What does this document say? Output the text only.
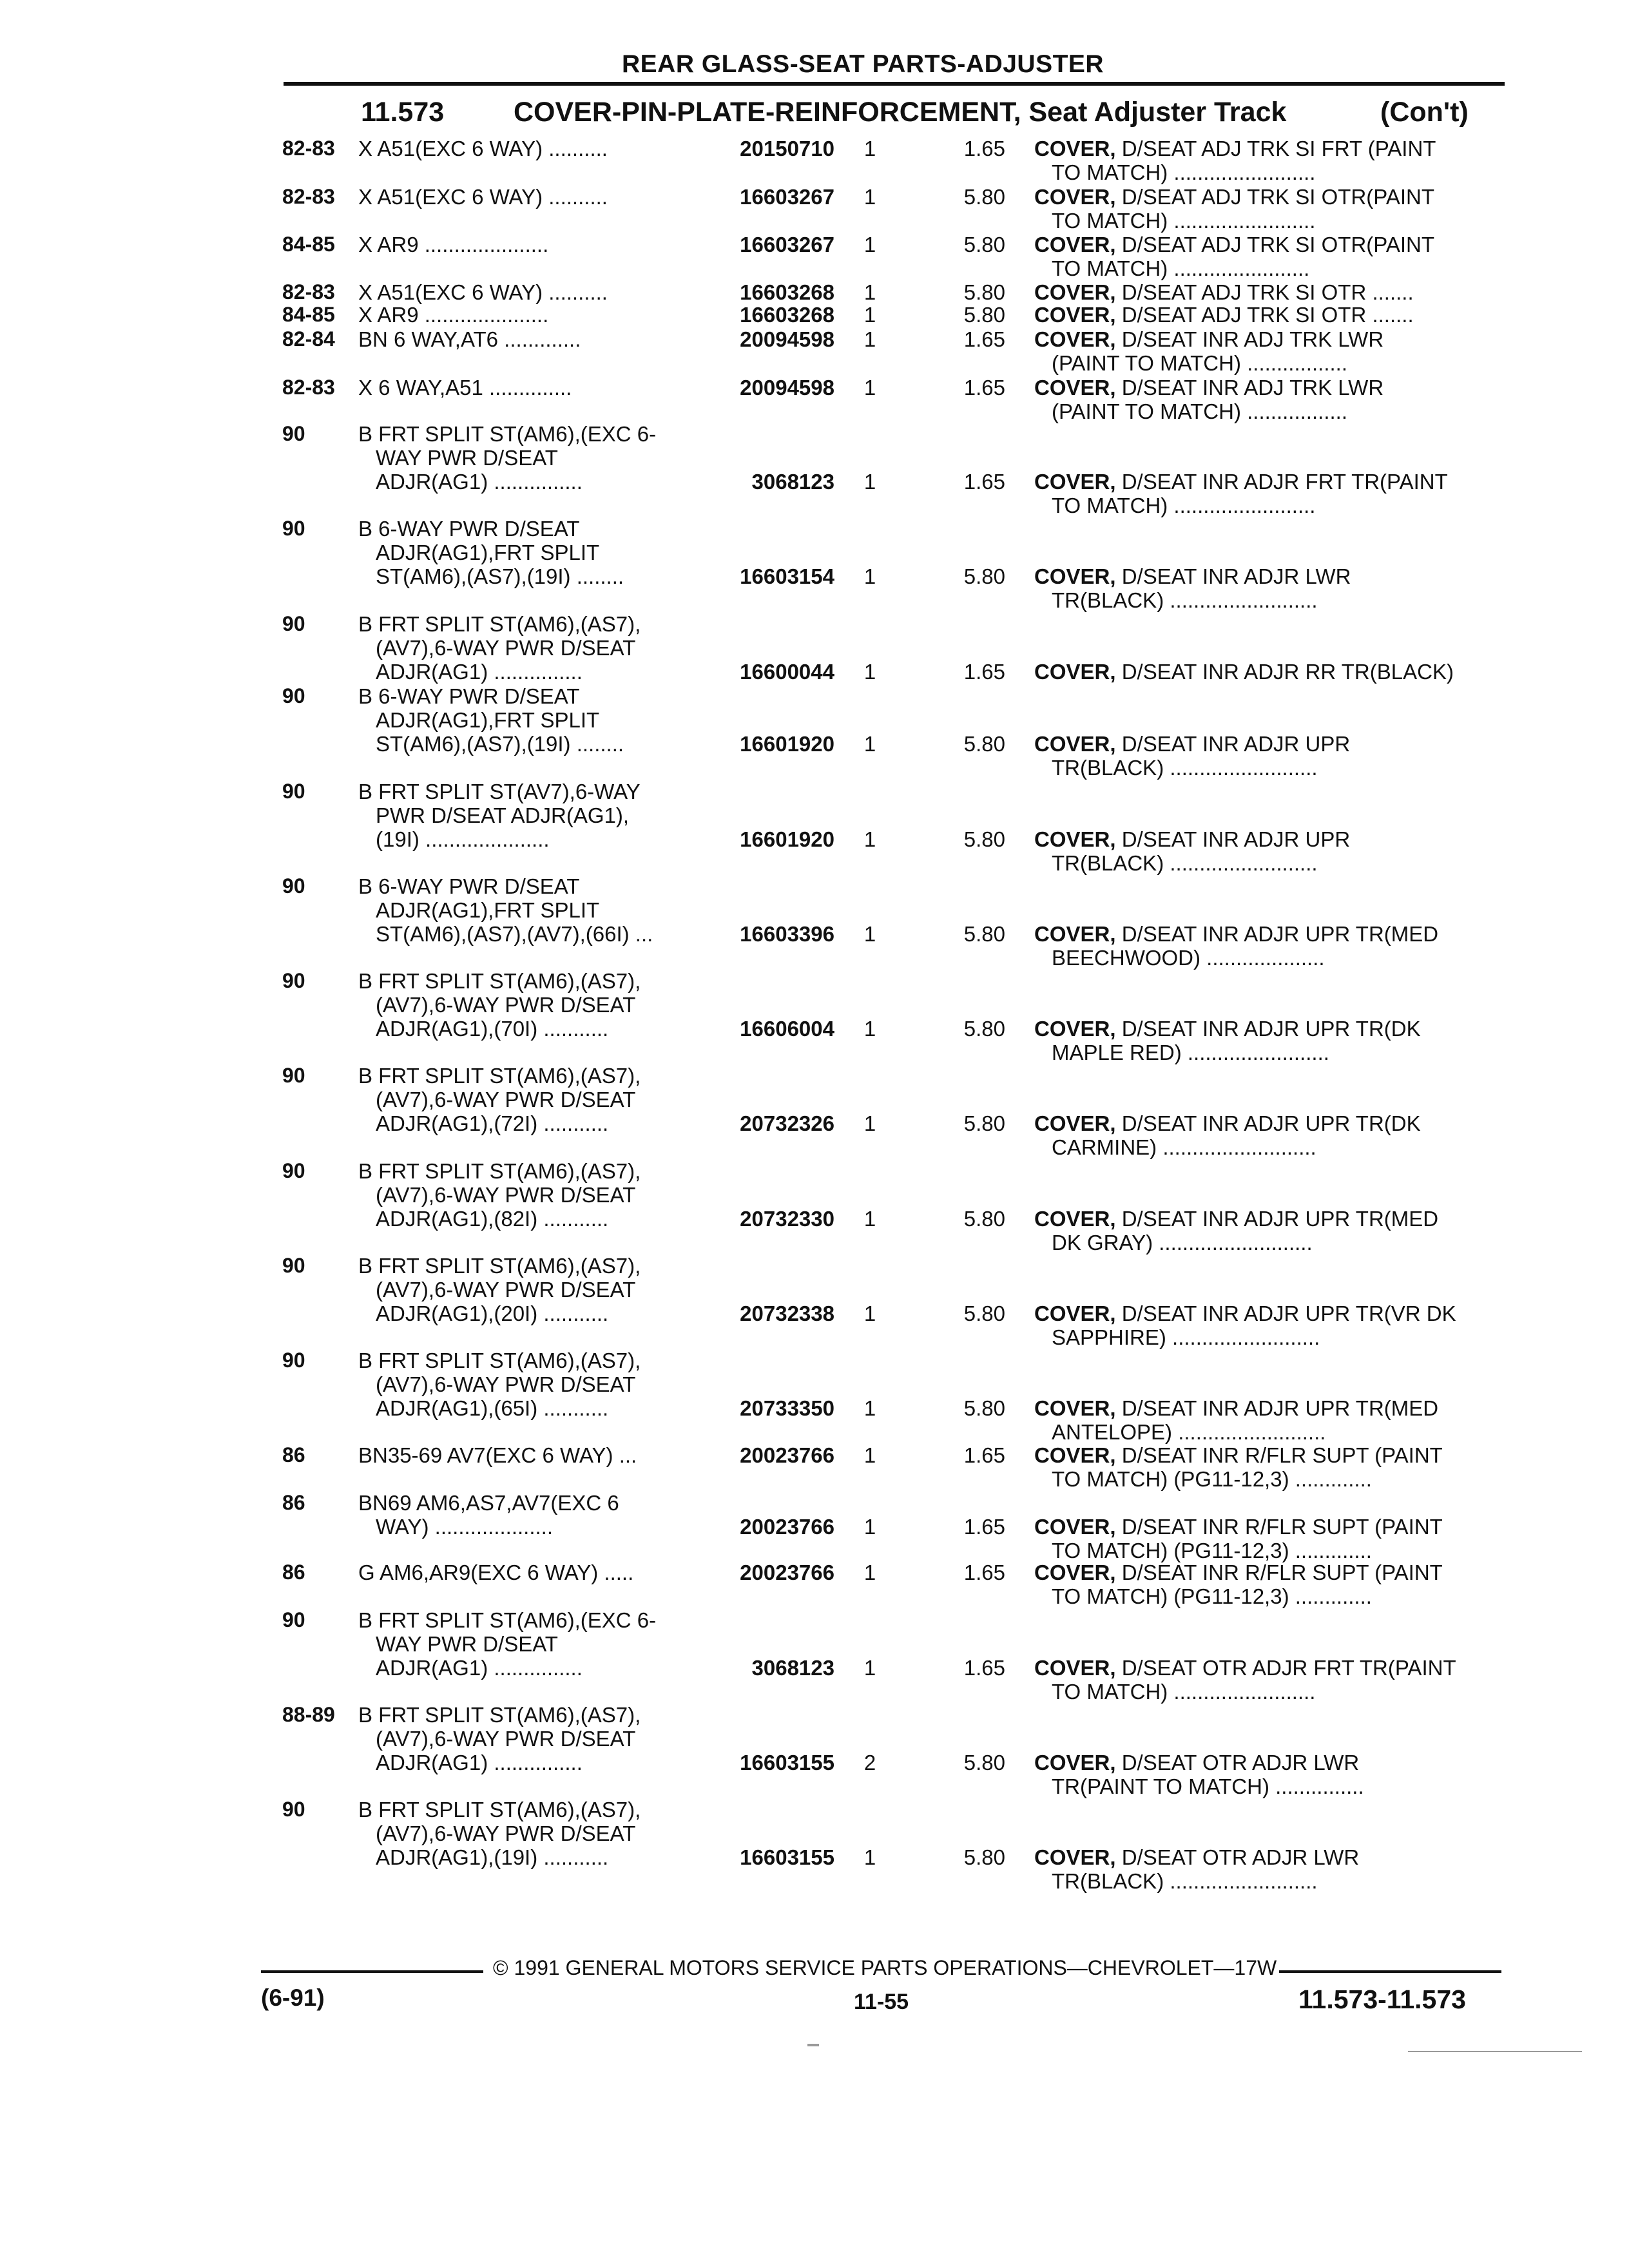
REAR GLASS-SEAT PARTS-ADJUSTER
11.573	COVER-PIN-PLATE-REINFORCEMENT, Seat Adjuster Track	(Con't)
82-83	X A51(EXC 6 WAY) ..........	20150710 1	1.65 COVER, D/SEAT ADJ TRK SI FRT (PAINT
TO MATCH) ........................
82-83	X A51(EXC 6 WAY) ..........	16603267 1	5.80 COVER, D/SEAT ADJ TRK SI OTR(PAINT
TO MATCH) ........................
84-85	X AR9 .....................	16603267 1	5.80 COVER, D/SEAT ADJ TRK SI OTR(PAINT
TO MATCH) .......................
82-83	X A51(EXC 6 WAY) ..........	16603268 1	5.80 COVER, D/SEAT ADJ TRK SI OTR .......
84-85	X AR9 .....................	16603268 1	5.80 COVER, D/SEAT ADJ TRK SI OTR .......
82-84	BN 6 WAY,AT6 .............	20094598 1	1.65 COVER, D/SEAT INR ADJ TRK LWR
(PAINT TO MATCH) .................
82-83	X 6 WAY,A51 ..............	20094598 1	1.65 COVER, D/SEAT INR ADJ TRK LWR
(PAINT TO MATCH) .................
90	B FRT SPLIT ST(AM6),(EXC 6-
WAY PWR D/SEAT
ADJR(AG1) ...............	3068123 1	1.65 COVER, D/SEAT INR ADJR FRT TR(PAINT
TO MATCH) ........................
90	B 6-WAY PWR D/SEAT
ADJR(AG1),FRT SPLIT
ST(AM6),(AS7),(19I) ........	16603154 1	5.80 COVER, D/SEAT INR ADJR LWR
TR(BLACK) .........................
90	B FRT SPLIT ST(AM6),(AS7),
(AV7),6-WAY PWR D/SEAT
ADJR(AG1) ...............	16600044 1	1.65 COVER, D/SEAT INR ADJR RR TR(BLACK)
90	B 6-WAY PWR D/SEAT
ADJR(AG1),FRT SPLIT
ST(AM6),(AS7),(19I) ........	16601920 1	5.80 COVER, D/SEAT INR ADJR UPR
TR(BLACK) .........................
90	B FRT SPLIT ST(AV7),6-WAY
PWR D/SEAT ADJR(AG1),
(19I) .....................	16601920 1	5.80 COVER, D/SEAT INR ADJR UPR
TR(BLACK) .........................
90	B 6-WAY PWR D/SEAT
ADJR(AG1),FRT SPLIT
ST(AM6),(AS7),(AV7),(66I) ...	16603396 1	5.80 COVER, D/SEAT INR ADJR UPR TR(MED
BEECHWOOD) ....................
90	B FRT SPLIT ST(AM6),(AS7),
(AV7),6-WAY PWR D/SEAT
ADJR(AG1),(70I) ...........	16606004 1	5.80 COVER, D/SEAT INR ADJR UPR TR(DK
MAPLE RED) ........................
90	B FRT SPLIT ST(AM6),(AS7),
(AV7),6-WAY PWR D/SEAT
ADJR(AG1),(72I) ...........	20732326 1	5.80 COVER, D/SEAT INR ADJR UPR TR(DK
CARMINE) ..........................
90	B FRT SPLIT ST(AM6),(AS7),
(AV7),6-WAY PWR D/SEAT
ADJR(AG1),(82I) ...........	20732330 1	5.80 COVER, D/SEAT INR ADJR UPR TR(MED
DK GRAY) ..........................
90	B FRT SPLIT ST(AM6),(AS7),
(AV7),6-WAY PWR D/SEAT
ADJR(AG1),(20I) ...........	20732338 1	5.80 COVER, D/SEAT INR ADJR UPR TR(VR DK
SAPPHIRE) .........................
90	B FRT SPLIT ST(AM6),(AS7),
(AV7),6-WAY PWR D/SEAT
ADJR(AG1),(65I) ...........	20733350 1	5.80 COVER, D/SEAT INR ADJR UPR TR(MED
ANTELOPE) .........................
86	BN35-69 AV7(EXC 6 WAY) ...	20023766 1	1.65 COVER, D/SEAT INR R/FLR SUPT (PAINT
TO MATCH) (PG11-12,3) .............
86	BN69 AM6,AS7,AV7(EXC 6
WAY) ....................	20023766 1	1.65 COVER, D/SEAT INR R/FLR SUPT (PAINT
TO MATCH) (PG11-12,3) .............
86	G AM6,AR9(EXC 6 WAY) .....	20023766 1	1.65 COVER, D/SEAT INR R/FLR SUPT (PAINT
TO MATCH) (PG11-12,3) .............
90	B FRT SPLIT ST(AM6),(EXC 6-
WAY PWR D/SEAT
ADJR(AG1) ...............	3068123 1	1.65 COVER, D/SEAT OTR ADJR FRT TR(PAINT
TO MATCH) ........................
88-89	B FRT SPLIT ST(AM6),(AS7),
(AV7),6-WAY PWR D/SEAT
ADJR(AG1) ...............	16603155 2	5.80 COVER, D/SEAT OTR ADJR LWR
TR(PAINT TO MATCH) ...............
90	B FRT SPLIT ST(AM6),(AS7),
(AV7),6-WAY PWR D/SEAT
ADJR(AG1),(19I) ...........	16603155 1	5.80 COVER, D/SEAT OTR ADJR LWR
TR(BLACK) .........................
© 1991 GENERAL MOTORS SERVICE PARTS OPERATIONS—CHEVROLET—17W
(6-91)	11-55	11.573-11.573
